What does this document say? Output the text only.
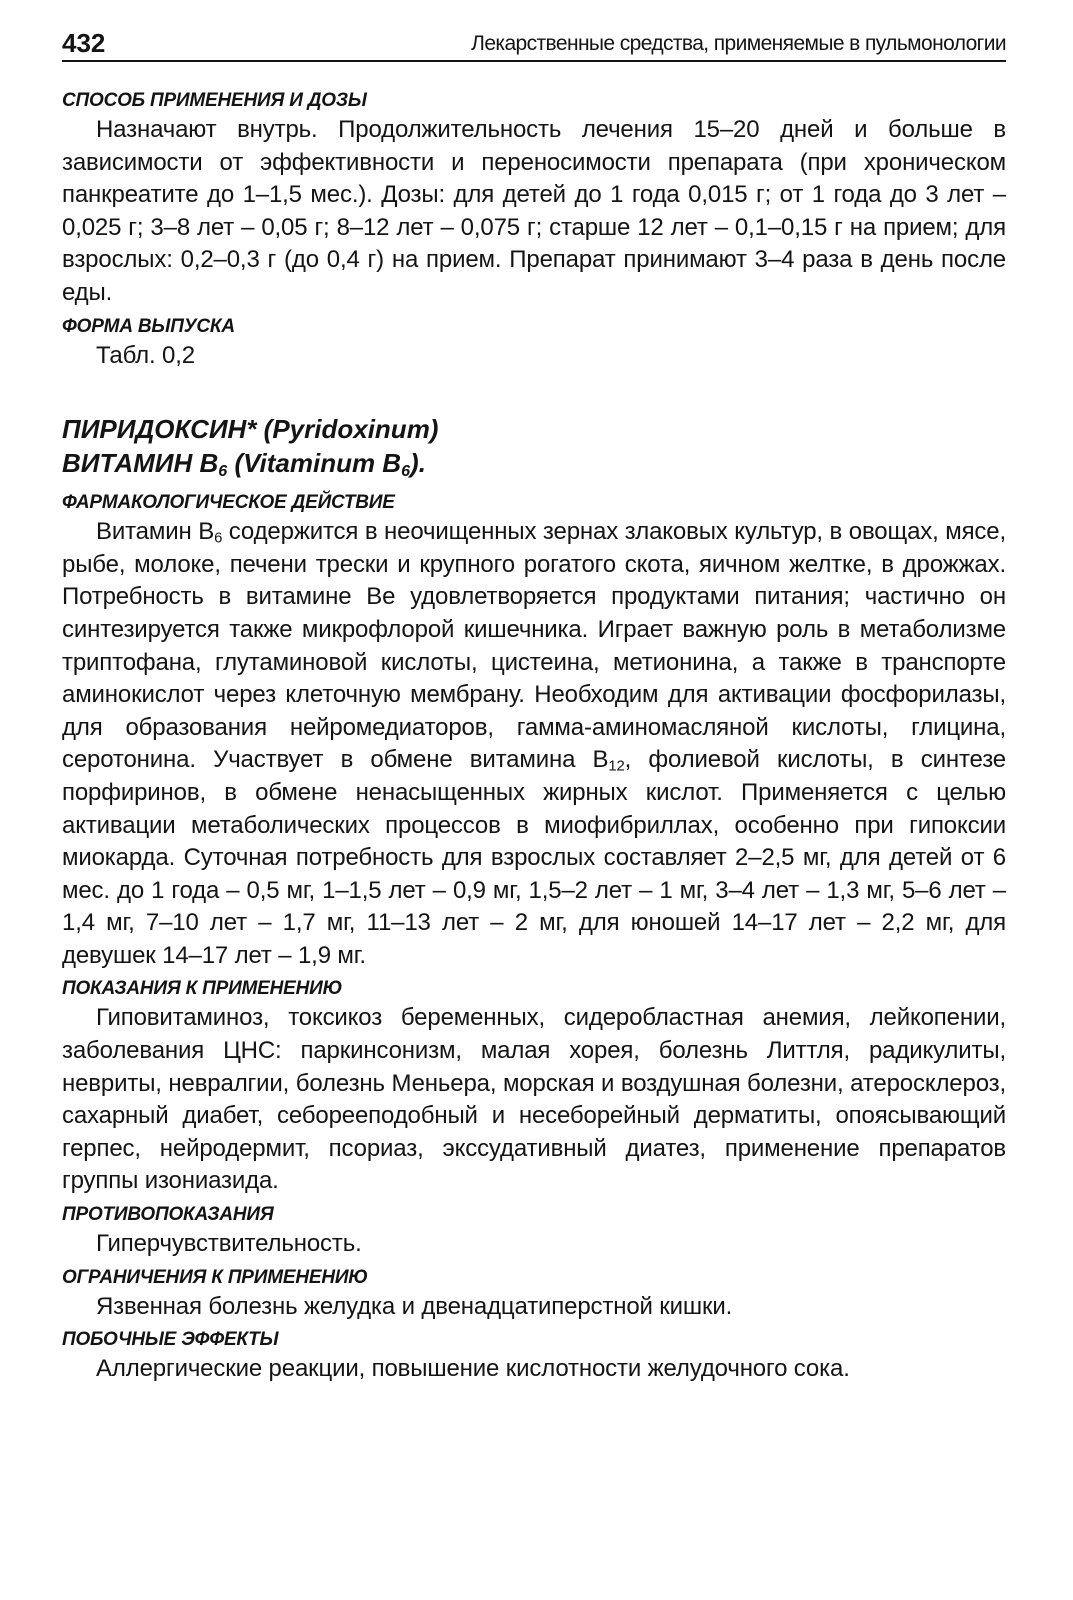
432	Лекарственные средства, применяемые в пульмонологии
СПОСОБ ПРИМЕНЕНИЯ И ДОЗЫ

Назначают внутрь. Продолжительность лечения 15–20 дней и больше в зависимости от эффективности и переносимости препарата (при хроническом панкреатите до 1–1,5 мес.). Дозы: для детей до 1 года 0,015 г; от 1 года до 3 лет – 0,025 г; 3–8 лет – 0,05 г; 8–12 лет – 0,075 г; старше 12 лет – 0,1–0,15 г на прием; для взрослых: 0,2–0,3 г (до 0,4 г) на прием. Препарат принимают 3–4 раза в день после еды.

ФОРМА ВЫПУСКА

Табл. 0,2

ПИРИДОКСИН* (Pyridoxinum)
ВИТАМИН $B_6$ (Vitaminum $B_6$).
ФАРМАКОЛОГИЧЕСКОЕ ДЕЙСТВИЕ

Витамин $B_6$ содержится в неочищенных зернах злаковых культур, в овощах, мясе, рыбе, молоке, печени трески и крупного рогатого скота, яичном желтке, в дрожжах. Потребность в витамине Be удовлетворяется продуктами питания; частично он синтезируется также микрофлорой кишечника. Играет важную роль в метаболизме триптофана, глутаминовой кислоты, цистеина, метионина, а также в транспорте аминокислот через клеточную мембрану. Необходим для активации фосфорилазы, для образования нейромедиаторов, гамма-аминомасляной кислоты, глицина, серотонина. Участвует в обмене витамина $B_{12}$, фолиевой кислоты, в синтезе порфиринов, в обмене ненасыщенных жирных кислот. Применяется с целью активации метаболических процессов в миофибриллах, особенно при гипоксии миокарда. Суточная потребность для взрослых составляет 2–2,5 мг, для детей от 6 мес. до 1 года – 0,5 мг, 1–1,5 лет – 0,9 мг, 1,5–2 лет – 1 мг, 3–4 лет – 1,3 мг, 5–6 лет – 1,4 мг, 7–10 лет – 1,7 мг, 11–13 лет – 2 мг, для юношей 14–17 лет – 2,2 мг, для девушек 14–17 лет – 1,9 мг.

ПОКАЗАНИЯ К ПРИМЕНЕНИЮ

Гиповитаминоз, токсикоз беременных, сидеробластная анемия, лейкопении, заболевания ЦНС: паркинсонизм, малая хорея, болезнь Литтля, радикулиты, невриты, невралгии, болезнь Меньера, морская и воздушная болезни, атеросклероз, сахарный диабет, себорееподобный и несеборейный дерматиты, опоясывающий герпес, нейродермит, псориаз, экссудативный диатез, применение препаратов группы изониазида.

ПРОТИВОПОКАЗАНИЯ

Гиперчувствительность.

ОГРАНИЧЕНИЯ К ПРИМЕНЕНИЮ

Язвенная болезнь желудка и двенадцатиперстной кишки.

ПОБОЧНЫЕ ЭФФЕКТЫ

Аллергические реакции, повышение кислотности желудочного сока.
